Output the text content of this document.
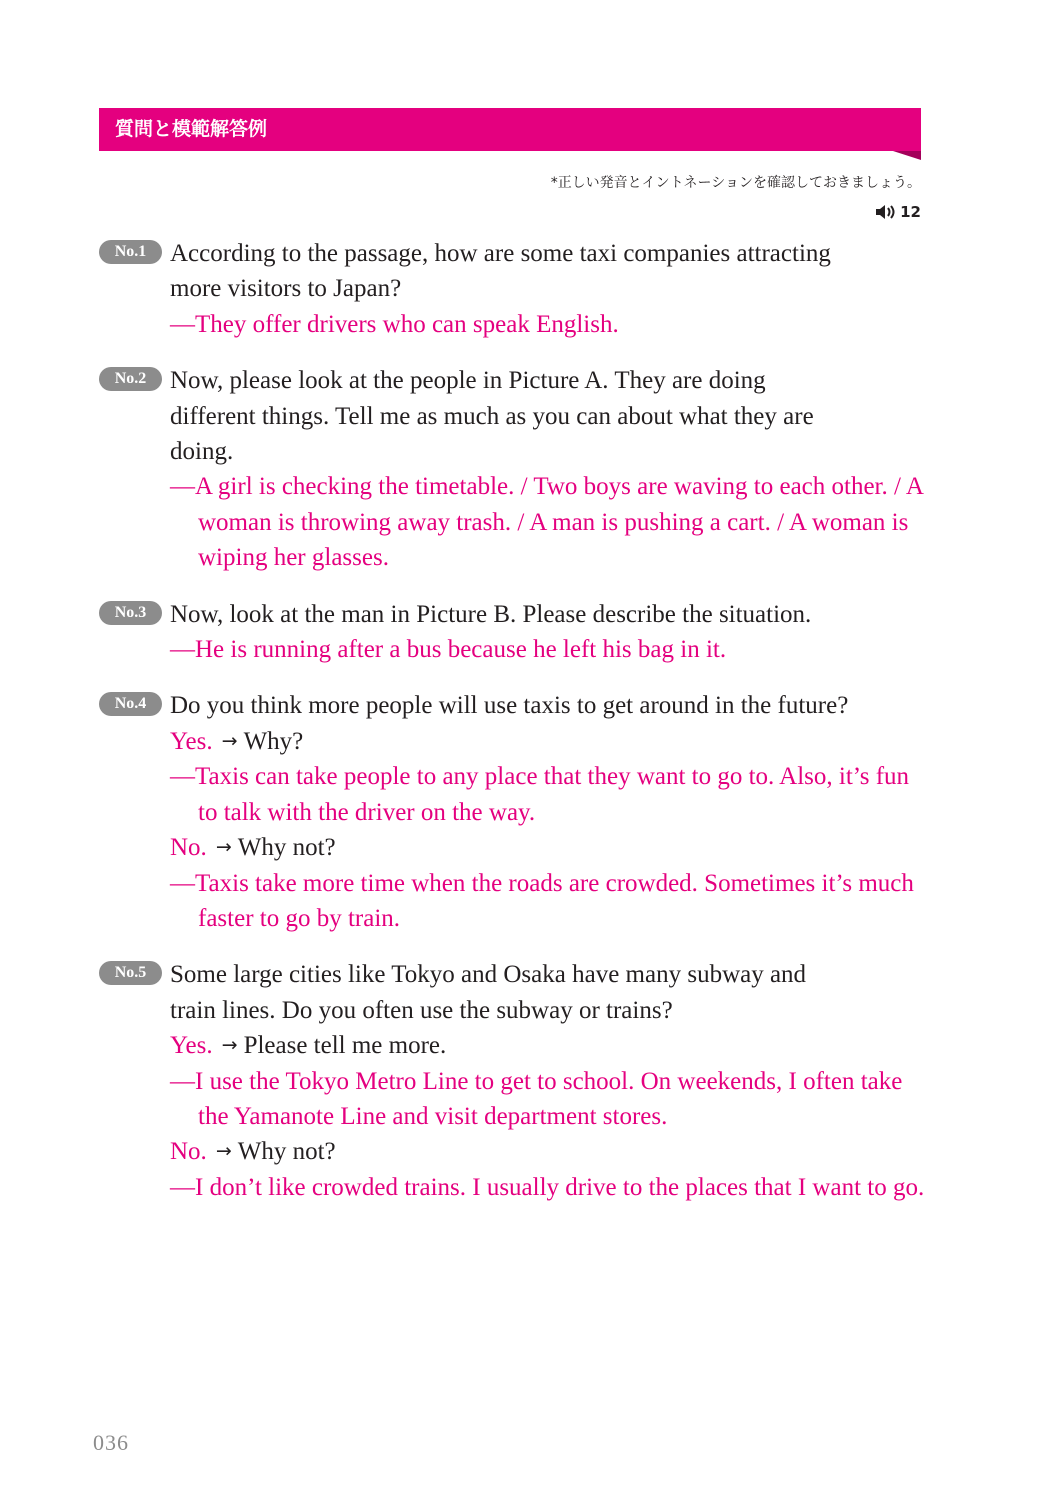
質問と模範解答例
*正しい発音とイントネーションを確認しておきましょう。
12
No.1 According to the passage, how are some taxi companies attracting
more visitors to Japan?
—They offer drivers who can speak English.
No.2 Now, please look at the people in Picture A. They are doing
different things. Tell me as much as you can about what they are
doing.
—A girl is checking the timetable. / Two boys are waving to each other. / A woman is throwing away trash. / A man is pushing a cart. / A woman is wiping her glasses.
No.3 Now, look at the man in Picture B. Please describe the situation.
—He is running after a bus because he left his bag in it.
No.4 Do you think more people will use taxis to get around in the future?
Yes. → Why?
—Taxis can take people to any place that they want to go to. Also, it’s fun to talk with the driver on the way.
No. → Why not?
—Taxis take more time when the roads are crowded. Sometimes it’s much faster to go by train.
No.5 Some large cities like Tokyo and Osaka have many subway and
train lines. Do you often use the subway or trains?
Yes. → Please tell me more.
—I use the Tokyo Metro Line to get to school. On weekends, I often take the Yamanote Line and visit department stores.
No. → Why not?
—I don’t like crowded trains. I usually drive to the places that I want to go.
036
